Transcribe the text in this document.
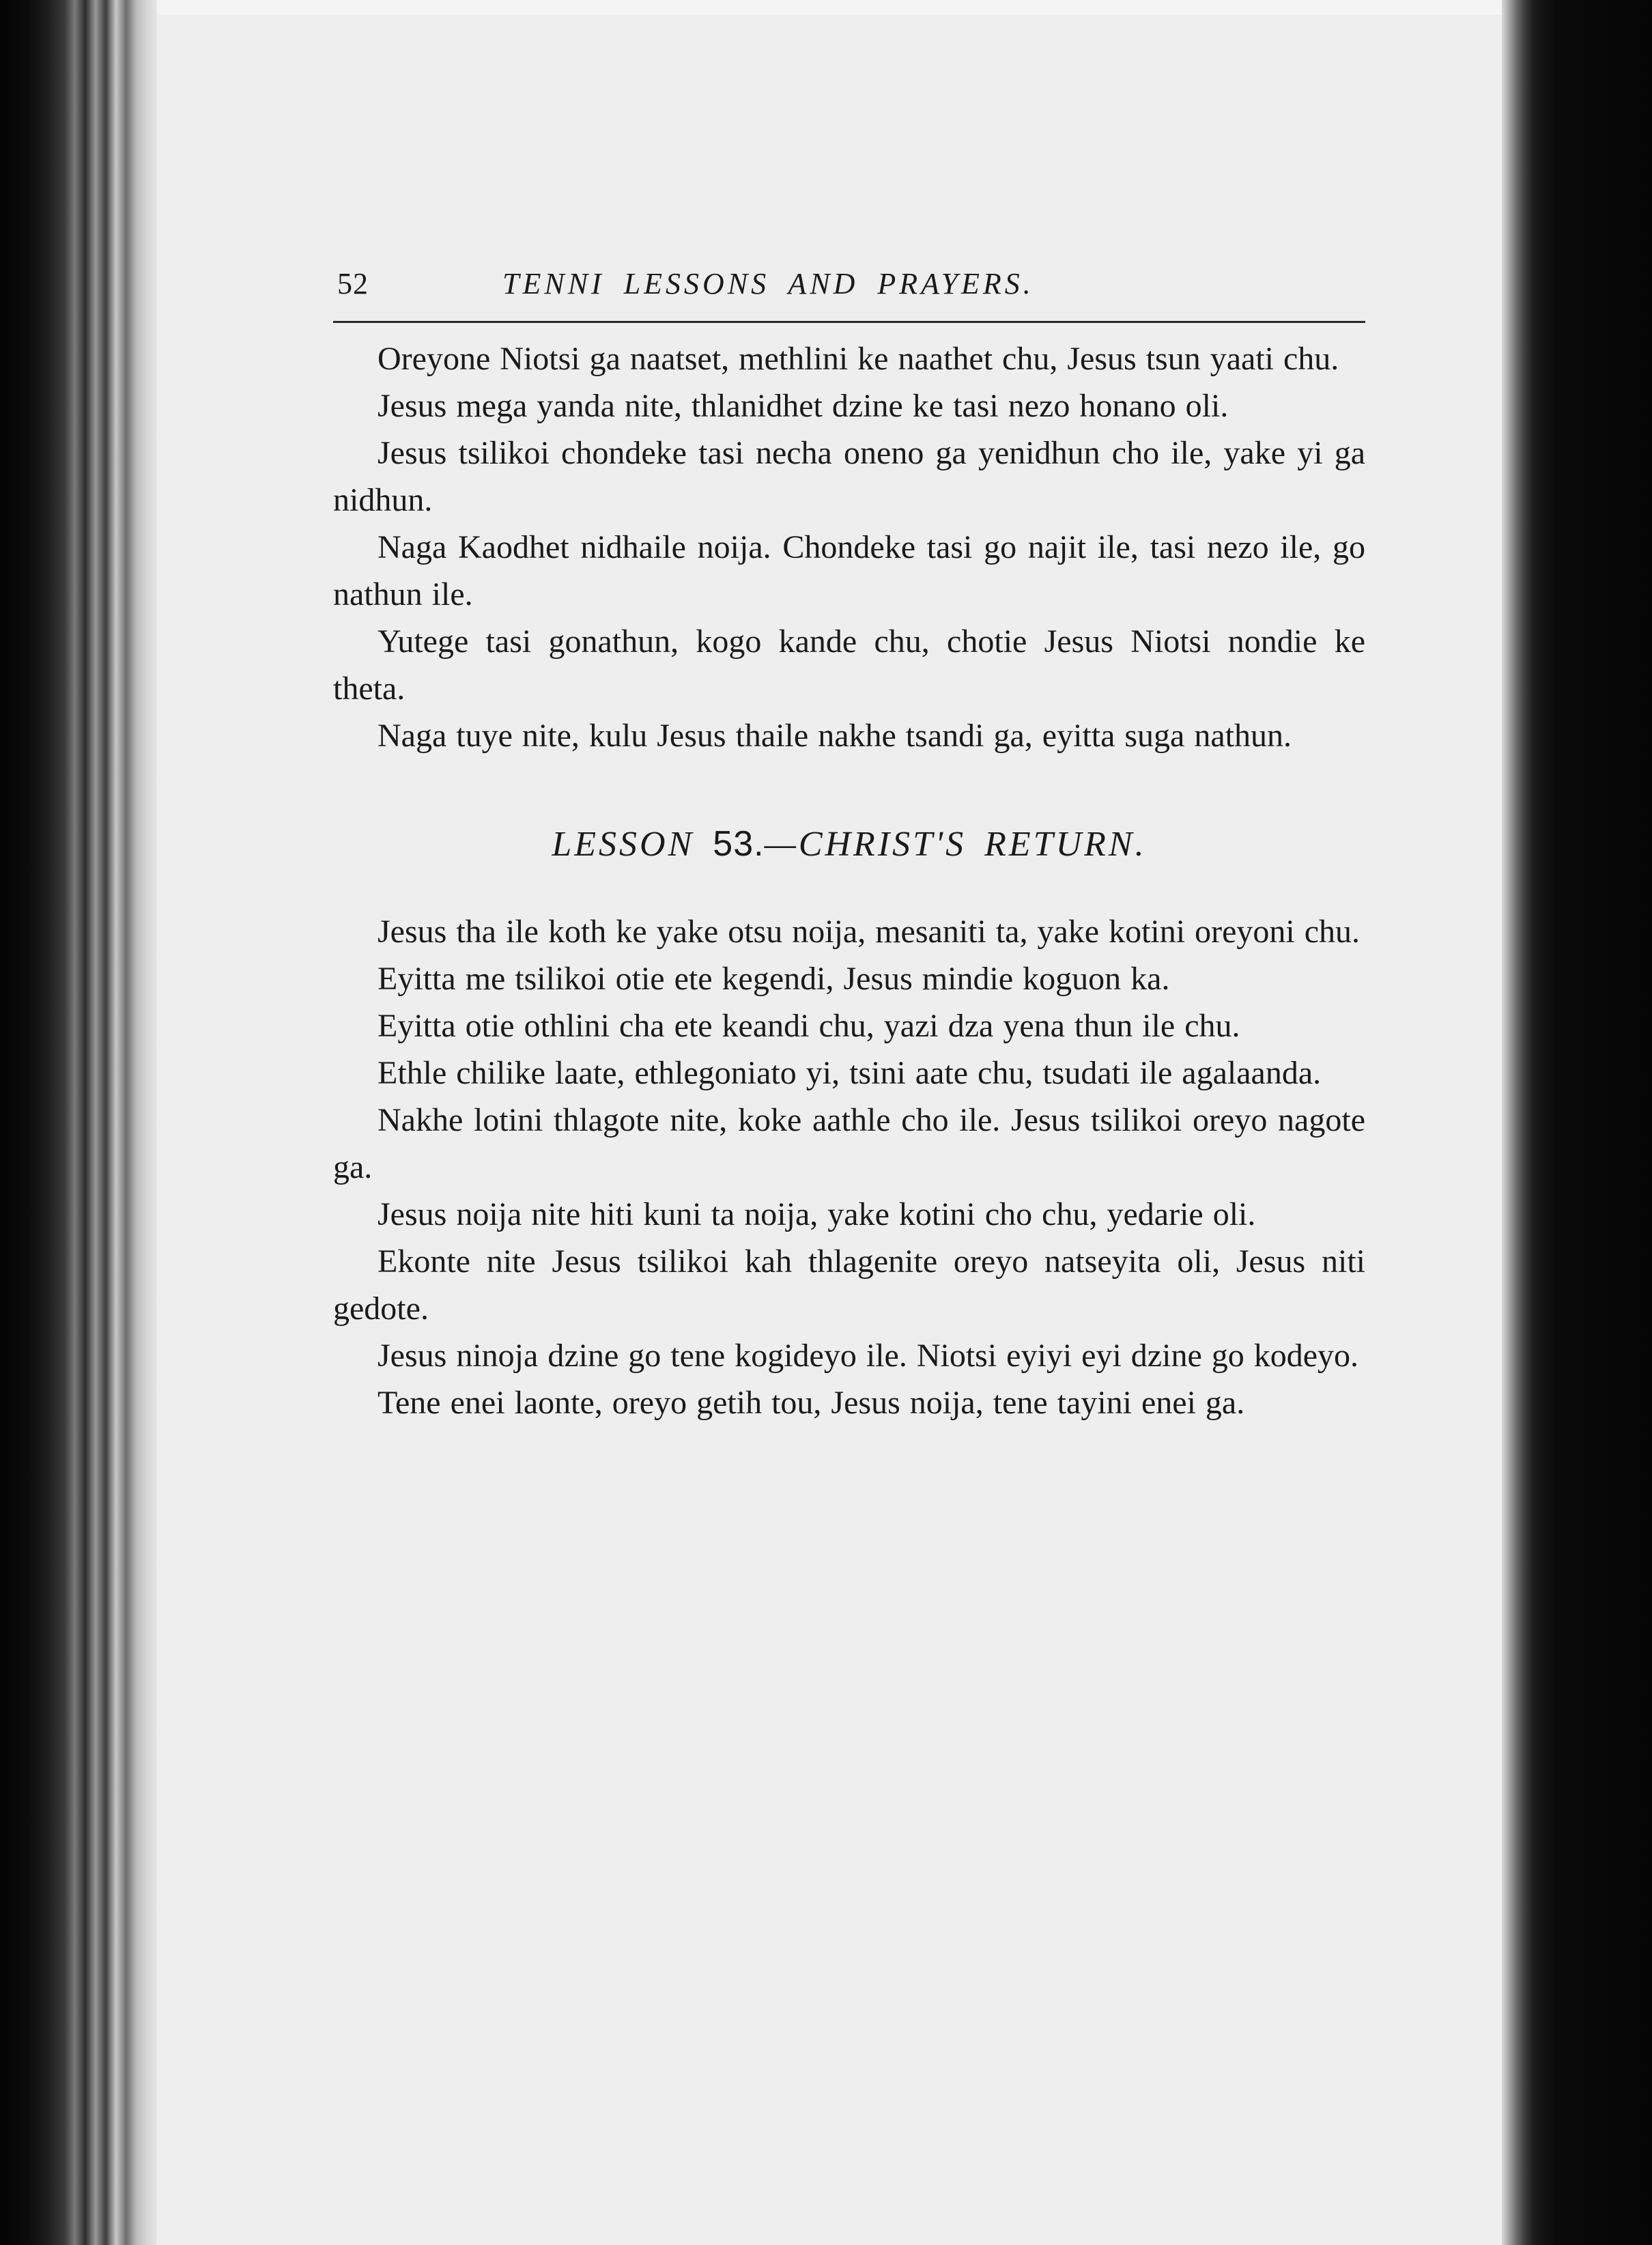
52	TENNI LESSONS AND PRAYERS.

Oreyone Niotsi ga naatset, methlini ke naathet chu, Jesus tsun yaati chu.

Jesus mega yanda nite, thlanidhet dzine ke tasi nezo honano oli.

Jesus tsilikoi chondeke tasi necha oneno ga yenidhun cho ile, yake yi ga nidhun.

Naga Kaodhet nidhaile noija. Chondeke tasi go najit ile, tasi nezo ile, go nathun ile.

Yutege tasi gonathun, kogo kande chu, chotie Jesus Niotsi nondie ke theta.

Naga tuye nite, kulu Jesus thaile nakhe tsandi ga, eyitta suga nathun.

LESSON 53.—CHRIST'S RETURN.

Jesus tha ile koth ke yake otsu noija, mesaniti ta, yake kotini oreyoni chu.

Eyitta me tsilikoi otie ete kegendi, Jesus mindie koguon ka.

Eyitta otie othlini cha ete keandi chu, yazi dza yena thun ile chu.

Ethle chilike laate, ethlegoniato yi, tsini aate chu, tsudati ile agalaanda.

Nakhe lotini thlagote nite, koke aathle cho ile. Jesus tsilikoi oreyo nagote ga.

Jesus noija nite hiti kuni ta noija, yake kotini cho chu, yedarie oli.

Ekonte nite Jesus tsilikoi kah thlagenite oreyo natseyita oli, Jesus niti gedote.

Jesus ninoja dzine go tene kogideyo ile. Niotsi eyiyi eyi dzine go kodeyo.

Tene enei laonte, oreyo getih tou, Jesus noija, tene tayini enei ga.
